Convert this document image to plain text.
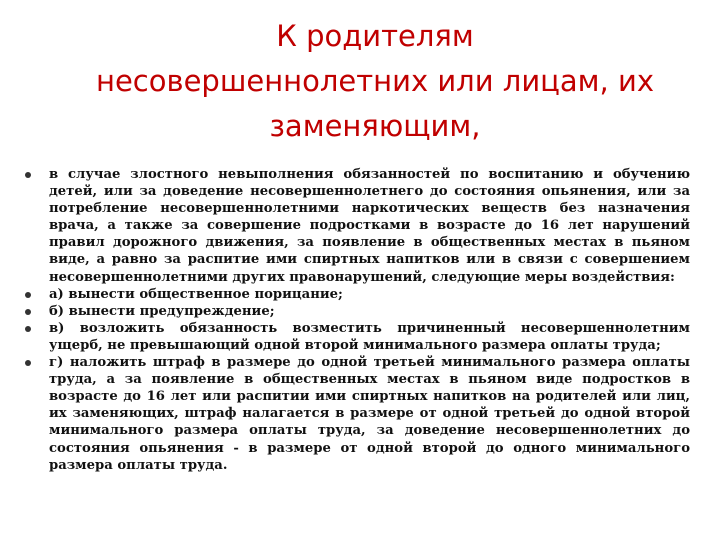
К родителям
несовершеннолетних или лицам, их
заменяющим,
в случае злостного невыполнения обязанностей по воспитанию и обучению детей, или за доведение несовершеннолетнего до состояния опьянения, или за потребление несовершеннолетними наркотических веществ без назначения врача, а также за совершение подростками в возрасте до 16 лет нарушений правил дорожного движения, за появление в общественных местах в пьяном виде, а равно за распитие ими спиртных напитков или в связи с совершением несовершеннолетними других правонарушений, следующие меры воздействия:
а) вынести общественное порицание;
б) вынести предупреждение;
в) возложить обязанность возместить причиненный несовершеннолетним ущерб, не превышающий одной второй минимального размера оплаты труда;
г) наложить штраф в размере до одной третьей минимального размера оплаты труда, а за появление в общественных местах в пьяном виде подростков в возрасте до 16 лет или распитии ими спиртных напитков на родителей или лиц, их заменяющих, штраф налагается в размере от одной третьей до одной второй минимального размера оплаты труда, за доведение несовершеннолетних до состояния опьянения - в размере от одной второй до одного минимального размера оплаты труда.
